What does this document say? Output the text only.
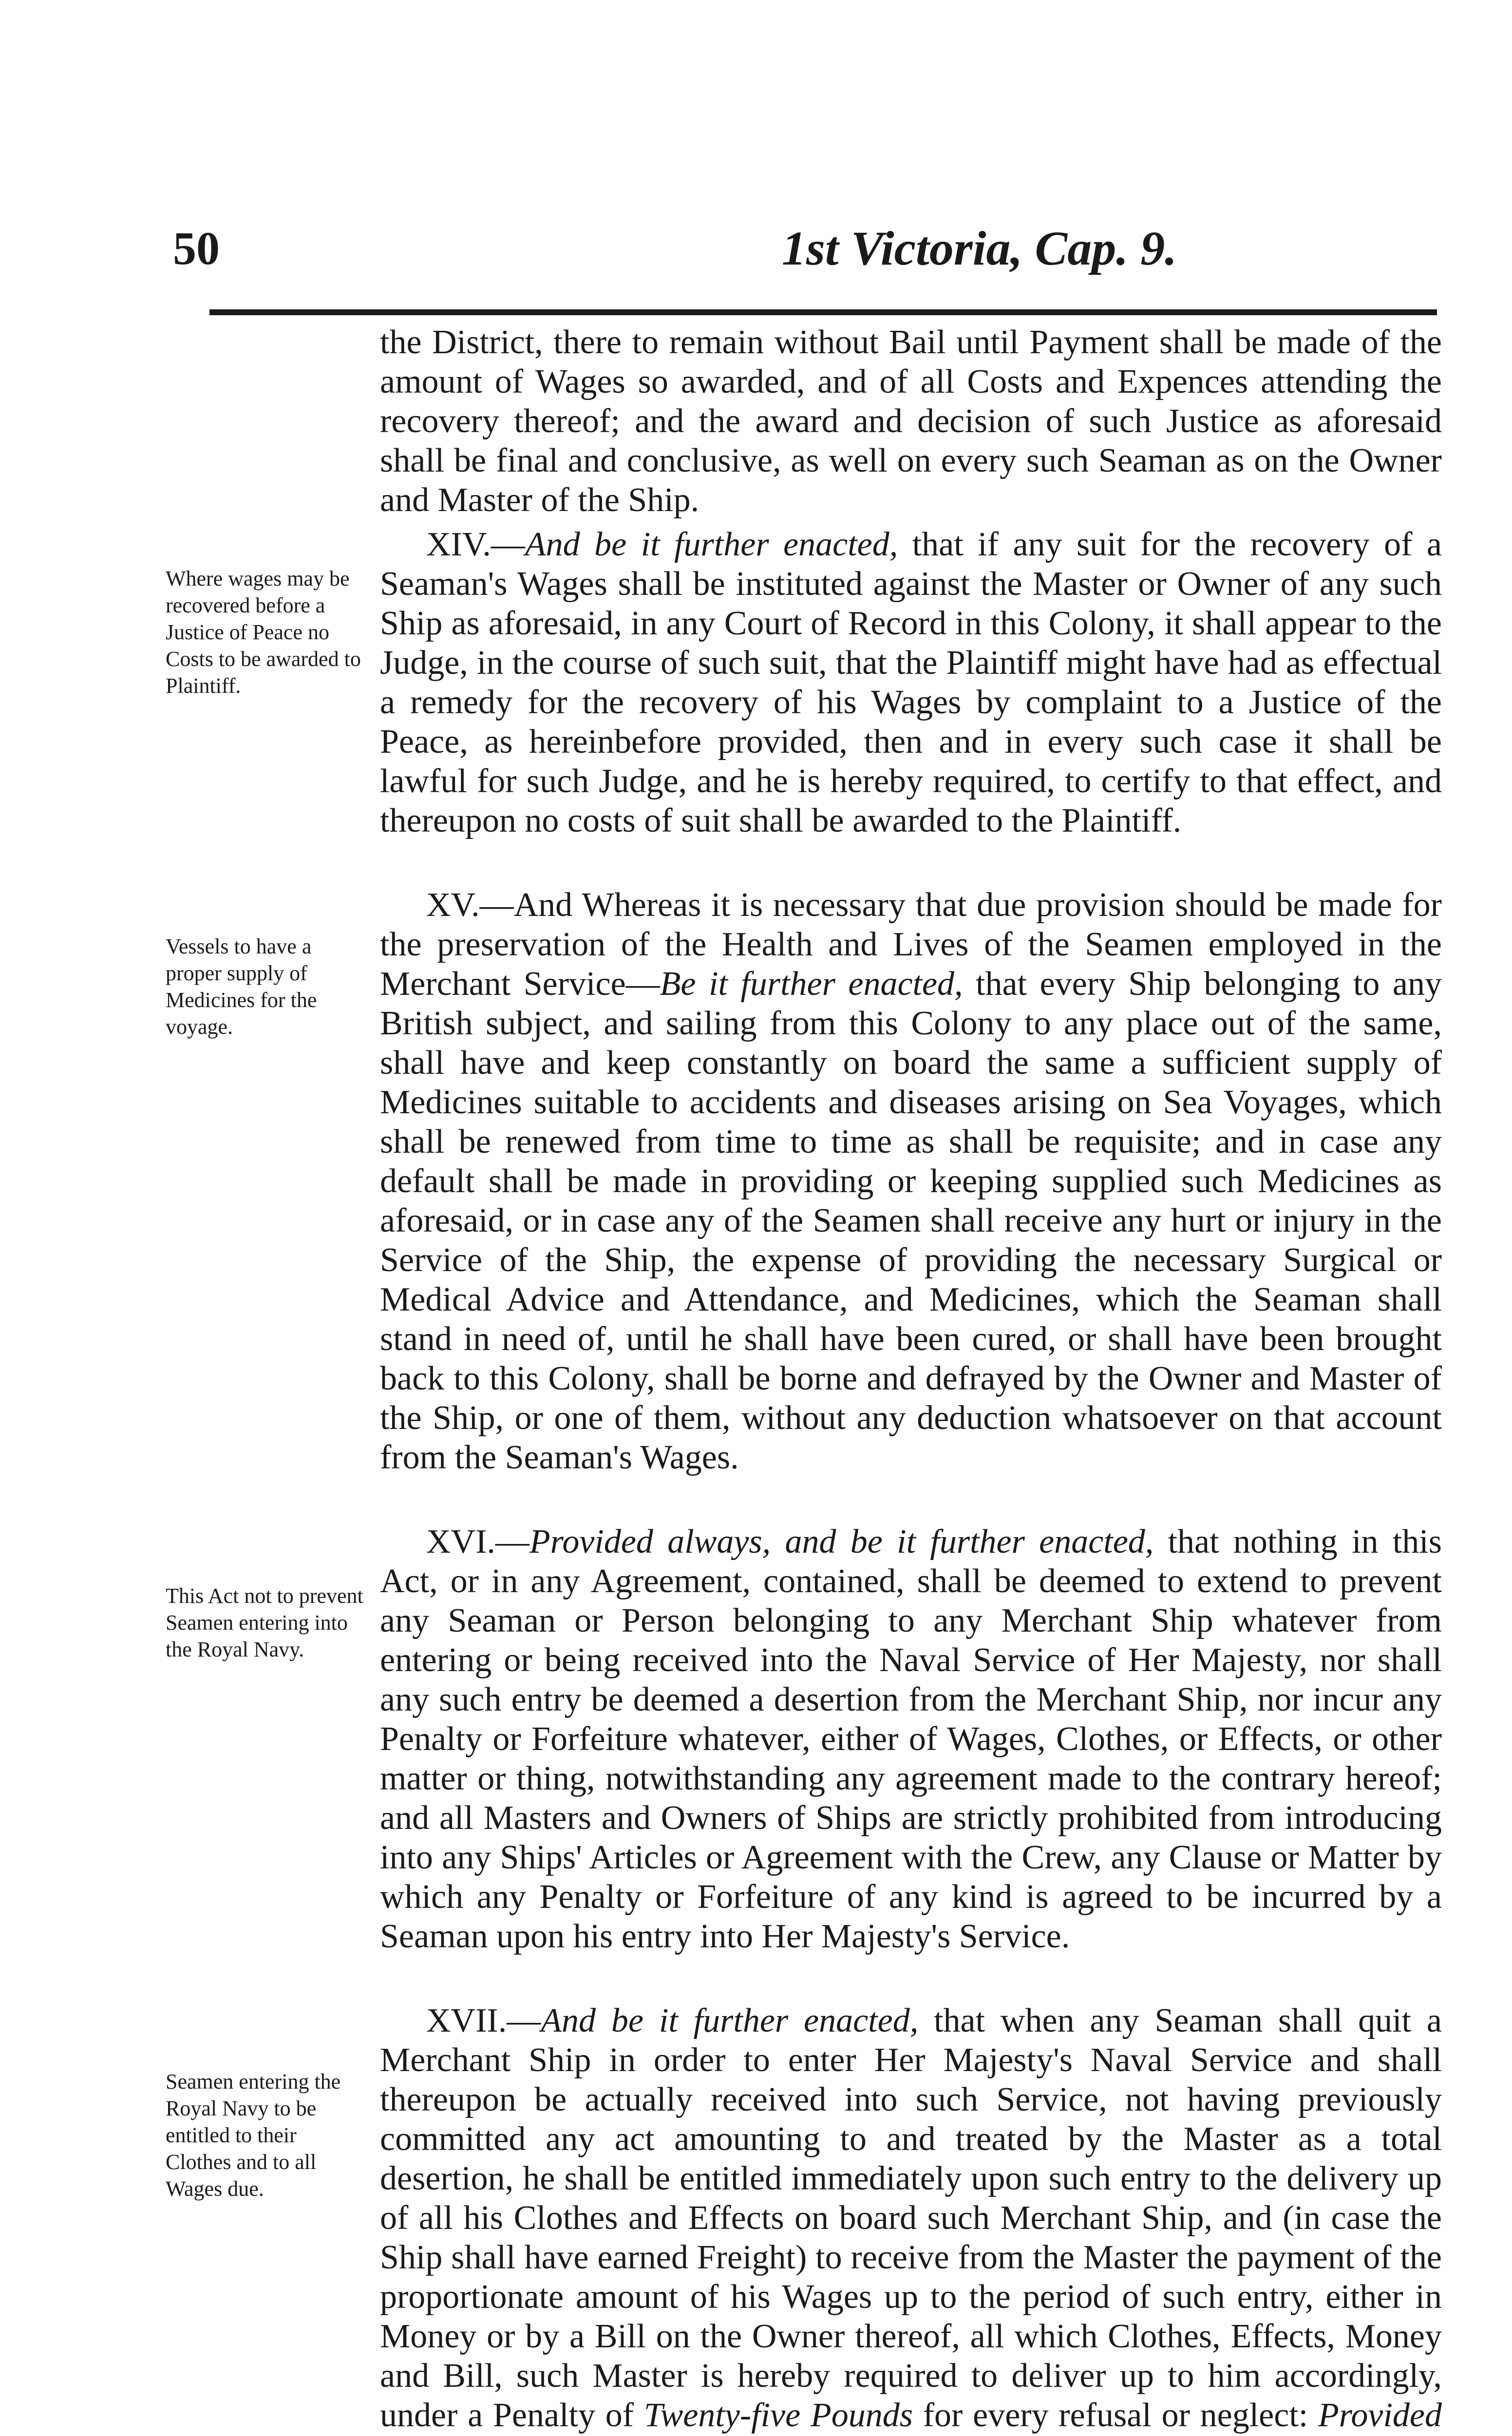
50	1st Victoria, Cap. 9.
Where wages may be recovered before a Justice of Peace no Costs to be awarded to Plaintiff.
Vessels to have a proper supply of Medicines for the voyage.
This Act not to prevent Seamen entering into the Royal Navy.
Seamen entering the Royal Navy to be entitled to their Clothes and to all Wages due.

the District, there to remain without Bail until Payment shall be made of the amount of Wages so awarded, and of all Costs and Expences attending the recovery thereof; and the award and decision of such Justice as aforesaid shall be final and conclusive, as well on every such Seaman as on the Owner and Master of the Ship.

XIV.—And be it further enacted, that if any suit for the recovery of a Seaman's Wages shall be instituted against the Master or Owner of any such Ship as aforesaid, in any Court of Record in this Colony, it shall appear to the Judge, in the course of such suit, that the Plaintiff might have had as effectual a remedy for the recovery of his Wages by complaint to a Justice of the Peace, as hereinbefore provided, then and in every such case it shall be lawful for such Judge, and he is hereby required, to certify to that effect, and thereupon no costs of suit shall be awarded to the Plaintiff.

XV.—And Whereas it is necessary that due provision should be made for the preservation of the Health and Lives of the Seamen employed in the Merchant Service—Be it further enacted, that every Ship belonging to any British subject, and sailing from this Colony to any place out of the same, shall have and keep constantly on board the same a sufficient supply of Medicines suitable to accidents and diseases arising on Sea Voyages, which shall be renewed from time to time as shall be requisite; and in case any default shall be made in providing or keeping supplied such Medicines as aforesaid, or in case any of the Seamen shall receive any hurt or injury in the Service of the Ship, the expense of providing the necessary Surgical or Medical Advice and Attendance, and Medicines, which the Seaman shall stand in need of, until he shall have been cured, or shall have been brought back to this Colony, shall be borne and defrayed by the Owner and Master of the Ship, or one of them, without any deduction whatsoever on that account from the Seaman's Wages.

XVI.—Provided always, and be it further enacted, that nothing in this Act, or in any Agreement, contained, shall be deemed to extend to prevent any Seaman or Person belonging to any Merchant Ship whatever from entering or being received into the Naval Service of Her Majesty, nor shall any such entry be deemed a desertion from the Merchant Ship, nor incur any Penalty or Forfeiture whatever, either of Wages, Clothes, or Effects, or other matter or thing, notwithstanding any agreement made to the contrary hereof; and all Masters and Owners of Ships are strictly prohibited from introducing into any Ships' Articles or Agreement with the Crew, any Clause or Matter by which any Penalty or Forfeiture of any kind is agreed to be incurred by a Seaman upon his entry into Her Majesty's Service.

XVII.—And be it further enacted, that when any Seaman shall quit a Merchant Ship in order to enter Her Majesty's Naval Service and shall thereupon be actually received into such Service, not having previously committed any act amounting to and treated by the Master as a total desertion, he shall be entitled immediately upon such entry to the delivery up of all his Clothes and Effects on board such Merchant Ship, and (in case the Ship shall have earned Freight) to receive from the Master the payment of the proportionate amount of his Wages up to the period of such entry, either in Money or by a Bill on the Owner thereof, all which Clothes, Effects, Money and Bill, such Master is hereby required to deliver up to him accordingly, under a Penalty of Twenty-five Pounds for every refusal or neglect: Provided
